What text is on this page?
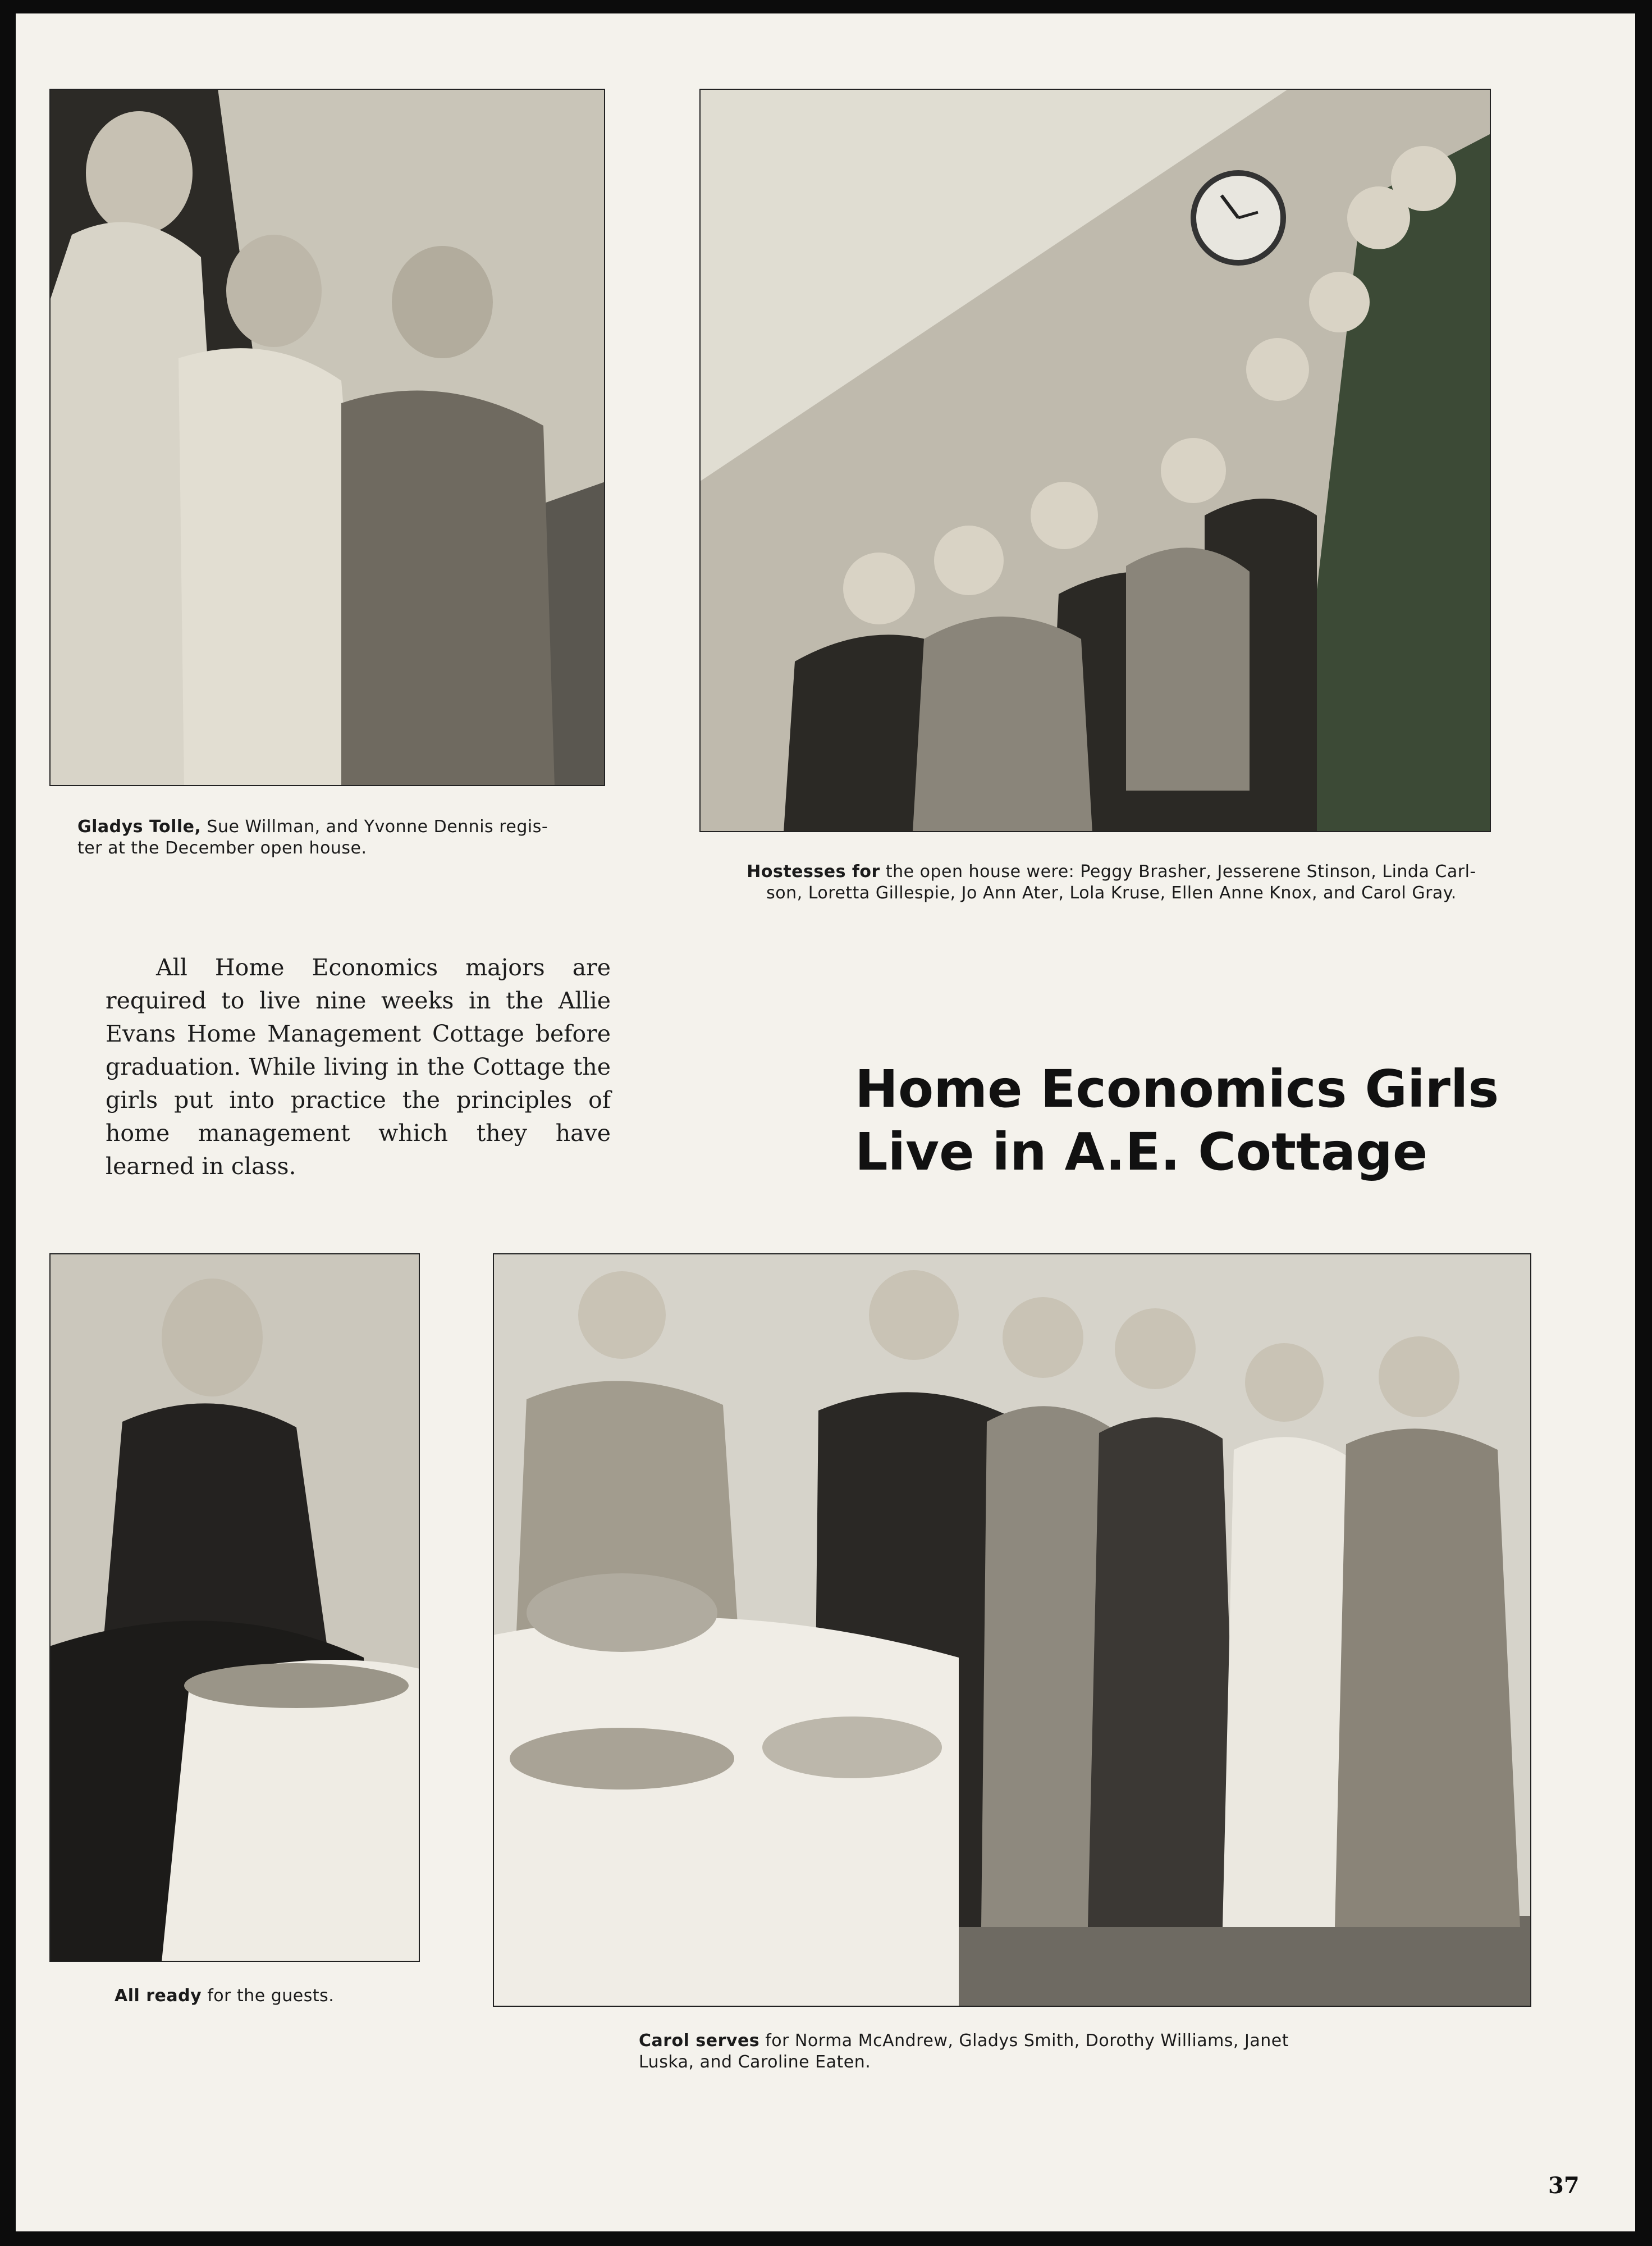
Gladys Tolle, Sue Willman, and Yvonne Dennis regis-
ter at the December open house.
Hostesses for the open house were: Peggy Brasher, Jesserene Stinson, Linda Carl-
son, Loretta Gillespie, Jo Ann Ater, Lola Kruse, Ellen Anne Knox, and Carol Gray.
All Home Economics majors are required to live nine weeks in the Allie Evans Home Management Cottage before graduation. While living in the Cottage the girls put into practice the principles of home management which they have learned in class.
Home Economics Girls
Live in A.E. Cottage
All ready for the guests.
Carol serves for Norma McAndrew, Gladys Smith, Dorothy Williams, Janet
Luska, and Caroline Eaten.
37
